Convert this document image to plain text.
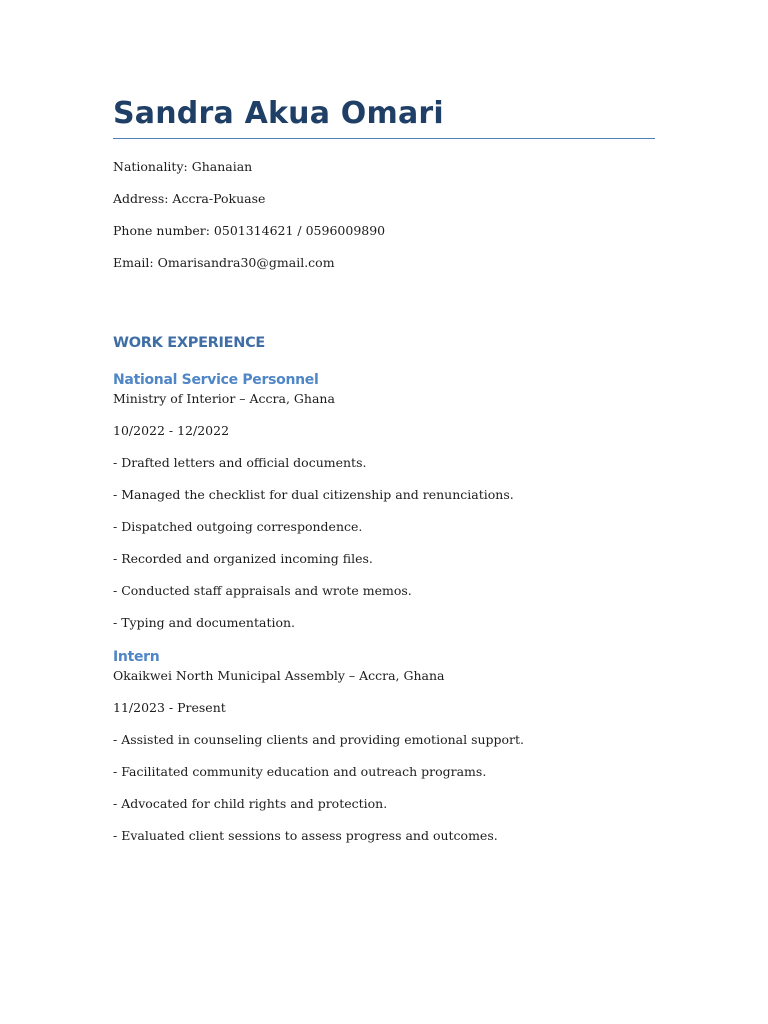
Sandra Akua Omari

Nationality: Ghanaian

Address: Accra-Pokuase

Phone number: 0501314621 / 0596009890

Email: Omarisandra30@gmail.com

WORK EXPERIENCE
National Service Personnel

Ministry of Interior – Accra, Ghana

10/2022 - 12/2022

- Drafted letters and official documents.

- Managed the checklist for dual citizenship and renunciations.

- Dispatched outgoing correspondence.

- Recorded and organized incoming files.

- Conducted staff appraisals and wrote memos.

- Typing and documentation.

Intern

Okaikwei North Municipal Assembly – Accra, Ghana

11/2023 - Present

- Assisted in counseling clients and providing emotional support.

- Facilitated community education and outreach programs.

- Advocated for child rights and protection.

- Evaluated client sessions to assess progress and outcomes.
